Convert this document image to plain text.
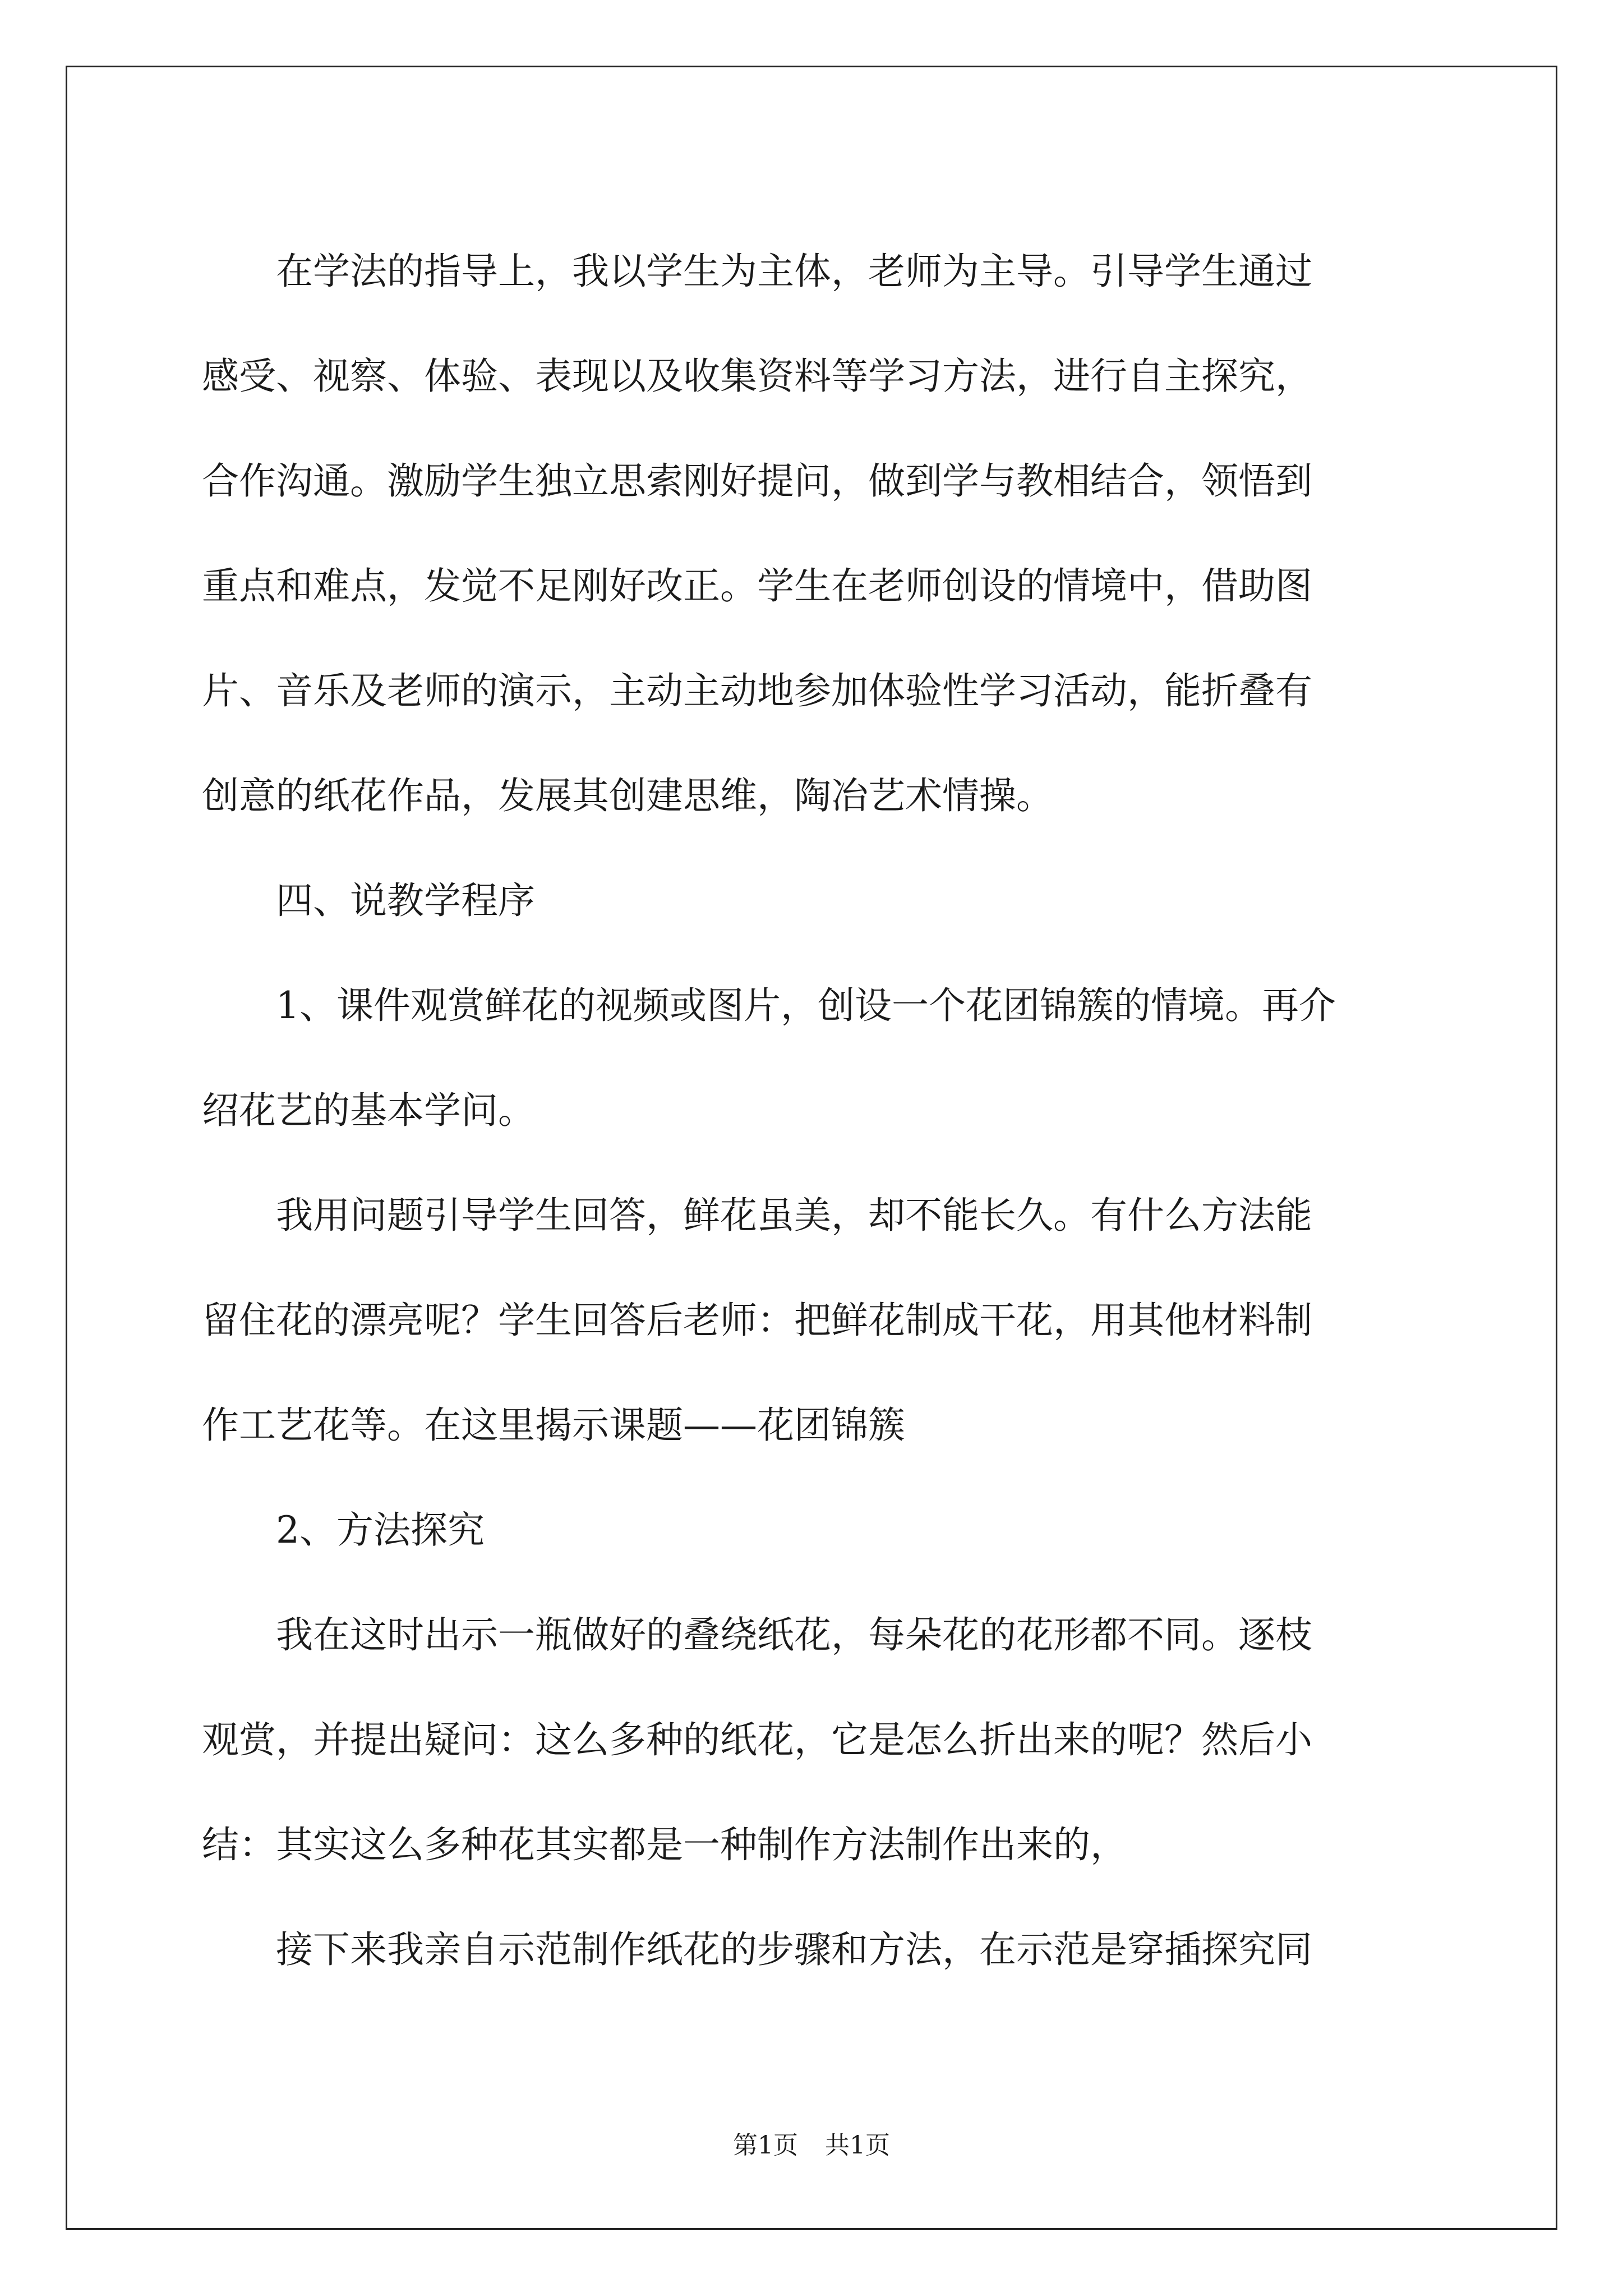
在学法的指导上，我以学生为主体，老师为主导。引导学生通过
感受、视察、体验、表现以及收集资料等学习方法，进行自主探究，
合作沟通。激励学生独立思索刚好提问，做到学与教相结合，领悟到
重点和难点，发觉不足刚好改正。学生在老师创设的情境中，借助图
片、音乐及老师的演示，主动主动地参加体验性学习活动，能折叠有
创意的纸花作品，发展其创建思维，陶冶艺术情操。
四、说教学程序
1、课件观赏鲜花的视频或图片，创设一个花团锦簇的情境。再介
绍花艺的基本学问。
我用问题引导学生回答，鲜花虽美，却不能长久。有什么方法能
留住花的漂亮呢？学生回答后老师：把鲜花制成干花，用其他材料制
作工艺花等。在这里揭示课题——花团锦簇
2、方法探究
我在这时出示一瓶做好的叠绕纸花，每朵花的花形都不同。逐枝
观赏，并提出疑问：这么多种的纸花，它是怎么折出来的呢？然后小
结：其实这么多种花其实都是一种制作方法制作出来的，
接下来我亲自示范制作纸花的步骤和方法，在示范是穿插探究同
第1页 共1页
